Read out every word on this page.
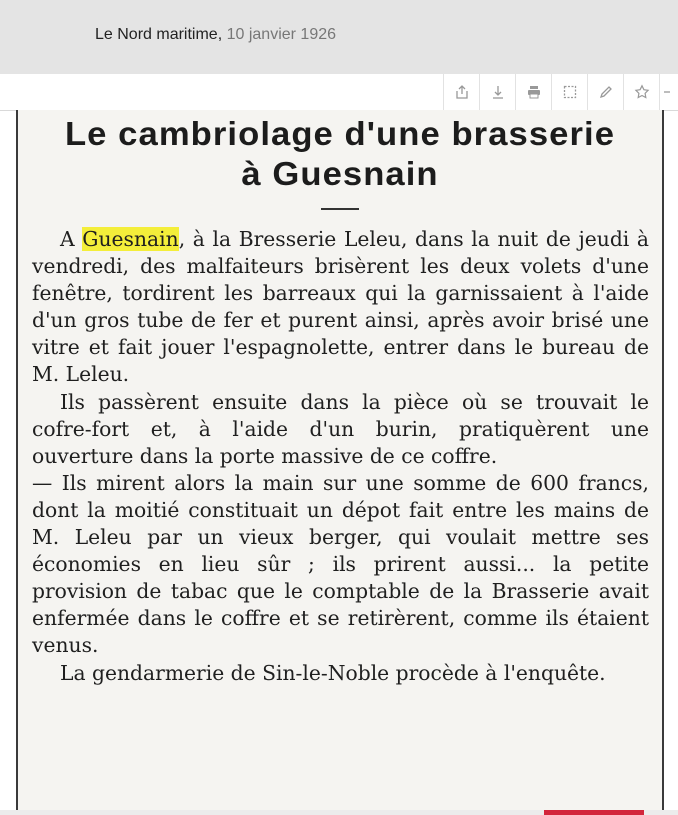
Le Nord maritime, 10 janvier 1926
Le cambriolage d'une brasserie
à Guesnain

A Guesnain, à la Bresserie Leleu, dans la nuit de jeudi à vendredi, des malfaiteurs brisèrent les deux volets d'une fenêtre, tordirent les barreaux qui la garnissaient à l'aide d'un gros tube de fer et purent ainsi, après avoir brisé une vitre et fait jouer l'espagnolette, entrer dans le bureau de M. Leleu.

Ils passèrent ensuite dans la pièce où se trouvait le cofre-fort et, à l'aide d'un burin, pratiquèrent une ouverture dans la porte massive de ce coffre.

— Ils mirent alors la main sur une somme de 600 francs, dont la moitié constituait un dépot fait entre les mains de M. Leleu par un vieux berger, qui voulait mettre ses économies en lieu sûr ; ils prirent aussi... la petite provision de tabac que le comptable de la Brasserie avait enfermée dans le coffre et se retirèrent, comme ils étaient venus.

La gendarmerie de Sin-le-Noble procède à l'enquête.
